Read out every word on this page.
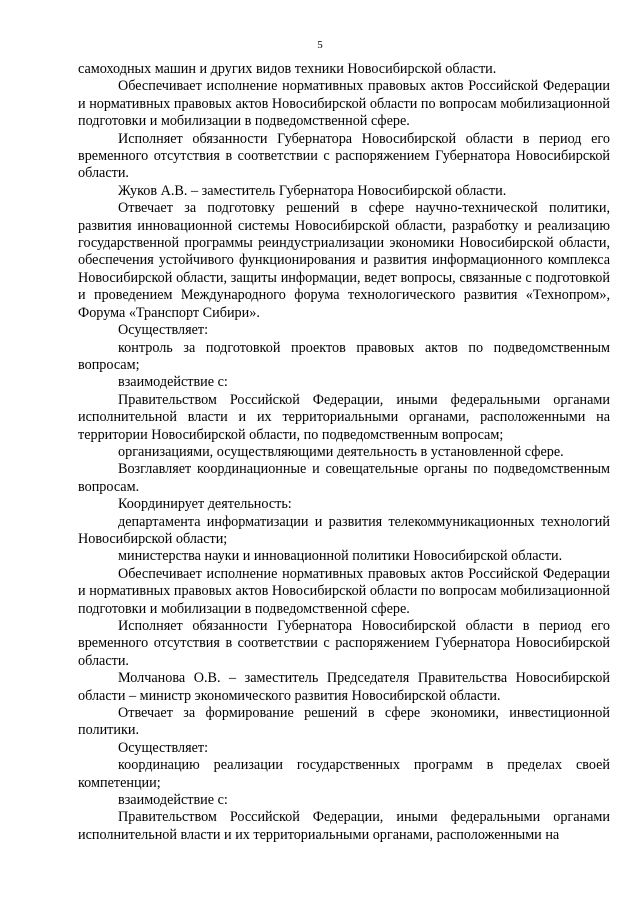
5

самоходных машин и других видов техники Новосибирской области.

Обеспечивает исполнение нормативных правовых актов Российской Федерации и нормативных правовых актов Новосибирской области по вопросам мобилизационной подготовки и мобилизации в подведомственной сфере.

Исполняет обязанности Губернатора Новосибирской области в период его временного отсутствия в соответствии с распоряжением Губернатора Новосибирской области.

Жуков А.В. – заместитель Губернатора Новосибирской области.

Отвечает за подготовку решений в сфере научно-технической политики, развития инновационной системы Новосибирской области, разработку и реализацию государственной программы реиндустриализации экономики Новосибирской области, обеспечения устойчивого функционирования и развития информационного комплекса Новосибирской области, защиты информации, ведет вопросы, связанные с подготовкой и проведением Международного форума технологического развития «Технопром», Форума «Транспорт Сибири».

Осуществляет:

контроль за подготовкой проектов правовых актов по подведомственным вопросам;

взаимодействие с:

Правительством Российской Федерации, иными федеральными органами исполнительной власти и их территориальными органами, расположенными на территории Новосибирской области, по подведомственным вопросам;

организациями, осуществляющими деятельность в установленной сфере.

Возглавляет координационные и совещательные органы по подведомственным вопросам.

Координирует деятельность:

департамента информатизации и развития телекоммуникационных технологий Новосибирской области;

министерства науки и инновационной политики Новосибирской области.

Обеспечивает исполнение нормативных правовых актов Российской Федерации и нормативных правовых актов Новосибирской области по вопросам мобилизационной подготовки и мобилизации в подведомственной сфере.

Исполняет обязанности Губернатора Новосибирской области в период его временного отсутствия в соответствии с распоряжением Губернатора Новосибирской области.

Молчанова О.В. – заместитель Председателя Правительства Новосибирской области – министр экономического развития Новосибирской области.

Отвечает за формирование решений в сфере экономики, инвестиционной политики.

Осуществляет:

координацию реализации государственных программ в пределах своей компетенции;

взаимодействие с:

Правительством Российской Федерации, иными федеральными органами исполнительной власти и их территориальными органами, расположенными на
